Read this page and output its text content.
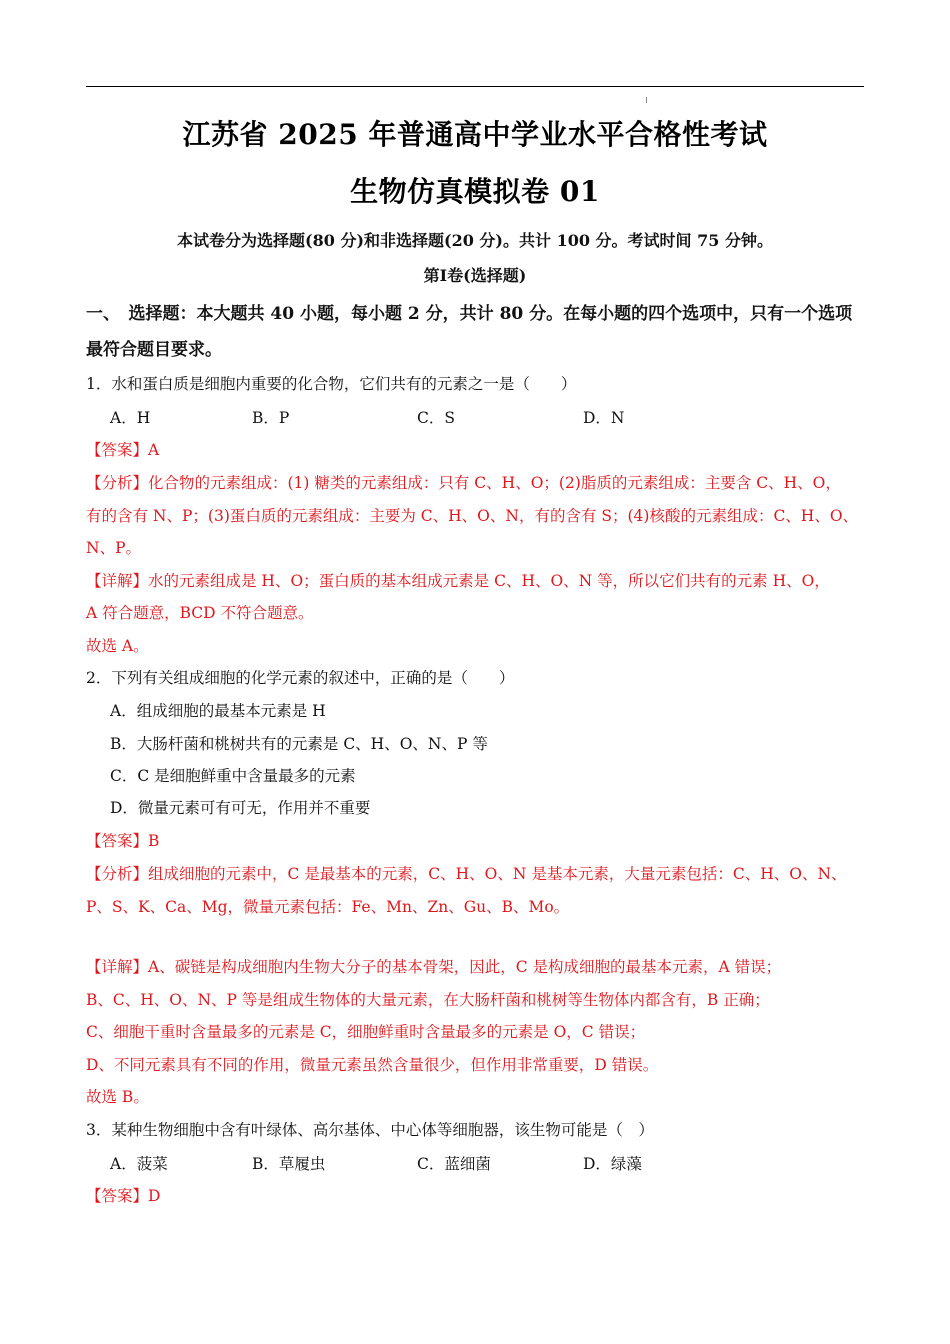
江苏省 2025 年普通高中学业水平合格性考试
生物仿真模拟卷 01
本试卷分为选择题(80 分)和非选择题(20 分)。共计 100 分。考试时间 75 分钟。
第Ⅰ卷(选择题)
一、　选择题：本大题共 40 小题，每小题 2 分，共计 80 分。在每小题的四个选项中，只有一个选项最符合题目要求。
1．水和蛋白质是细胞内重要的化合物，它们共有的元素之一是（　　）
A．H	B．P	C．S	D．N
【答案】A
【分析】化合物的元素组成：(1) 糖类的元素组成：只有 C、H、O；(2)脂质的元素组成：主要含 C、H、O，
有的含有 N、P；(3)蛋白质的元素组成：主要为 C、H、O、N，有的含有 S；(4)核酸的元素组成：C、H、O、
N、P。
【详解】水的元素组成是 H、O；蛋白质的基本组成元素是 C、H、O、N 等，所以它们共有的元素 H、O，
A 符合题意，BCD 不符合题意。
故选 A。
2．下列有关组成细胞的化学元素的叙述中，正确的是（　　）
A．组成细胞的最基本元素是 H
B．大肠杆菌和桃树共有的元素是 C、H、O、N、P 等
C．C 是细胞鲜重中含量最多的元素
D．微量元素可有可无，作用并不重要
【答案】B
【分析】组成细胞的元素中，C 是最基本的元素，C、H、O、N 是基本元素，大量元素包括：C、H、O、N、
P、S、K、Ca、Mg，微量元素包括：Fe、Mn、Zn、Gu、B、Mo。
【详解】A、碳链是构成细胞内生物大分子的基本骨架，因此，C 是构成细胞的最基本元素，A 错误；
B、C、H、O、N、P 等是组成生物体的大量元素，在大肠杆菌和桃树等生物体内都含有，B 正确；
C、细胞干重时含量最多的元素是 C，细胞鲜重时含量最多的元素是 O，C 错误；
D、不同元素具有不同的作用，微量元素虽然含量很少，但作用非常重要，D 错误。
故选 B。
3．某种生物细胞中含有叶绿体、高尔基体、中心体等细胞器，该生物可能是（　）
A．菠菜	B．草履虫	C．蓝细菌	D．绿藻
【答案】D
